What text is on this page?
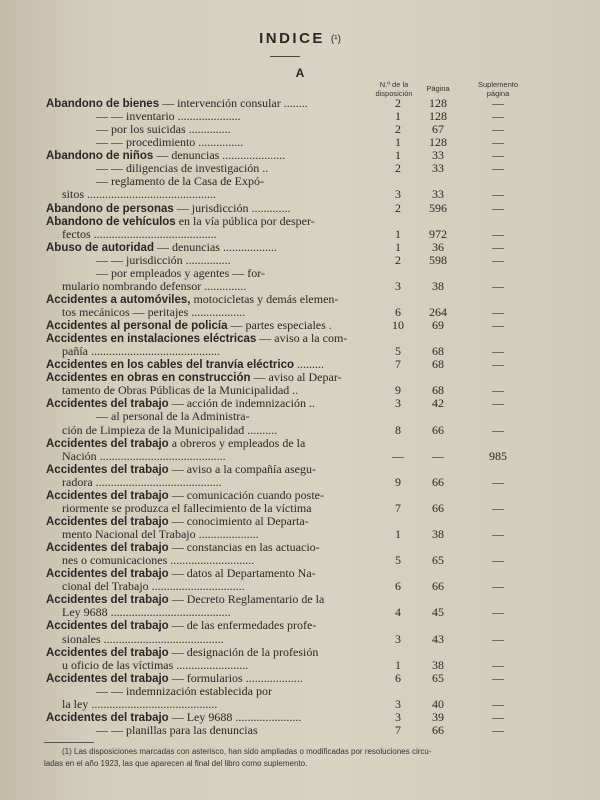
INDICE (¹)
A
N.º de la
disposición
Página	Suplemento
página
Abandono de bienes — intervención consular ........	2	128	—
— — inventario .....................	1	128	—
— por los suicidas ..............	2	67	—
— — procedimiento ...............	1	128	—
Abandono de niños — denuncias .....................	1	33	—
— — diligencias de investigación ..	2	33	—
— reglamento de la Casa de Expó-
sitos ...........................................	3	33	—
Abandono de personas — jurisdicción .............	2	596	—
Abandono de vehículos en la vía pública por desper-
fectos .........................................	1	972	—
Abuso de autoridad — denuncias ..................	1	36	—
— — jurisdicción ...............	2	598	—
— por empleados y agentes — for-
mulario nombrando defensor ..............	3	38	—
Accidentes a automóviles, motocicletas y demás elemen-
tos mecánicos — peritajes ..................	6	264	—
Accidentes al personal de policía — partes especiales .	10	69	—
Accidentes en instalaciones eléctricas — aviso a la com-
pañía ...........................................	5	68	—
Accidentes en los cables del tranvía eléctrico .........	7	68	—
Accidentes en obras en construcción — aviso al Depar-
tamento de Obras Públicas de la Municipalidad ..	9	68	—
Accidentes del trabajo — acción de indemnización ..	3	42	—
— al personal de la Administra-
ción de Limpieza de la Municipalidad ..........	8	66	—
Accidentes del trabajo a obreros y empleados de la
Nación ..........................................	—	—	985
Accidentes del trabajo — aviso a la compañía asegu-
radora ..........................................	9	66	—
Accidentes del trabajo — comunicación cuando poste-
riormente se produzca el fallecimiento de la víctima	7	66	—
Accidentes del trabajo — conocimiento al Departa-
mento Nacional del Trabajo ....................	1	38	—
Accidentes del trabajo — constancias en las actuacio-
nes o comunicaciones ............................	5	65	—
Accidentes del trabajo — datos al Departamento Na-
cional del Trabajo ...............................	6	66	—
Accidentes del trabajo — Decreto Reglamentario de la
Ley 9688 ........................................	4	45	—
Accidentes del trabajo — de las enfermedades profe-
sionales ........................................	3	43	—
Accidentes del trabajo — designación de la profesión
u oficio de las víctimas ........................	1	38	—
Accidentes del trabajo — formularios ...................	6	65	—
— — indemnización establecida por
la ley ..........................................	3	40	—
Accidentes del trabajo — Ley 9688 ......................	3	39	—
— — planillas para las denuncias	7	66	—
(1) Las disposiciones marcadas con asterisco, han sido ampliadas o modificadas por resoluciones circu-
ladas en el año 1923, las que aparecen al final del libro como suplemento.
